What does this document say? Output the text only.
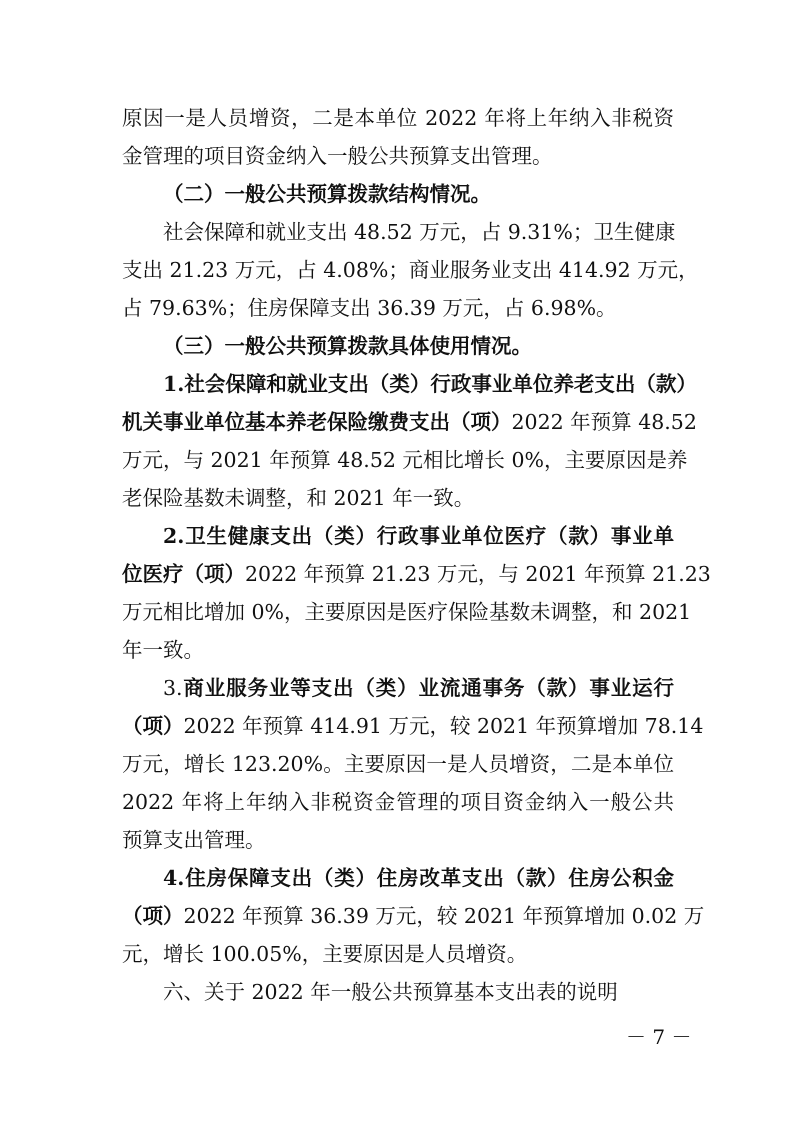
原因一是人员增资，二是本单位 2022 年将上年纳入非税资
金管理的项目资金纳入一般公共预算支出管理。
（二）一般公共预算拨款结构情况。
社会保障和就业支出 48.52 万元，占 9.31%；卫生健康
支出 21.23 万元，占 4.08%；商业服务业支出 414.92 万元，
占 79.63%；住房保障支出 36.39 万元，占 6.98%。
（三）一般公共预算拨款具体使用情况。
1.社会保障和就业支出（类）行政事业单位养老支出（款）
机关事业单位基本养老保险缴费支出（项）2022 年预算 48.52
万元，与 2021 年预算 48.52 元相比增长 0%，主要原因是养
老保险基数未调整，和 2021 年一致。
2.卫生健康支出（类）行政事业单位医疗（款）事业单
位医疗（项）2022 年预算 21.23 万元，与 2021 年预算 21.23
万元相比增加 0%，主要原因是医疗保险基数未调整，和 2021
年一致。
3.商业服务业等支出（类）业流通事务（款）事业运行
（项）2022 年预算 414.91 万元，较 2021 年预算增加 78.14
万元，增长 123.20%。主要原因一是人员增资，二是本单位
2022 年将上年纳入非税资金管理的项目资金纳入一般公共
预算支出管理。
4.住房保障支出（类）住房改革支出（款）住房公积金
（项）2022 年预算 36.39 万元，较 2021 年预算增加 0.02 万
元，增长 100.05%，主要原因是人员增资。
六、关于 2022 年一般公共预算基本支出表的说明
－ 7 －
